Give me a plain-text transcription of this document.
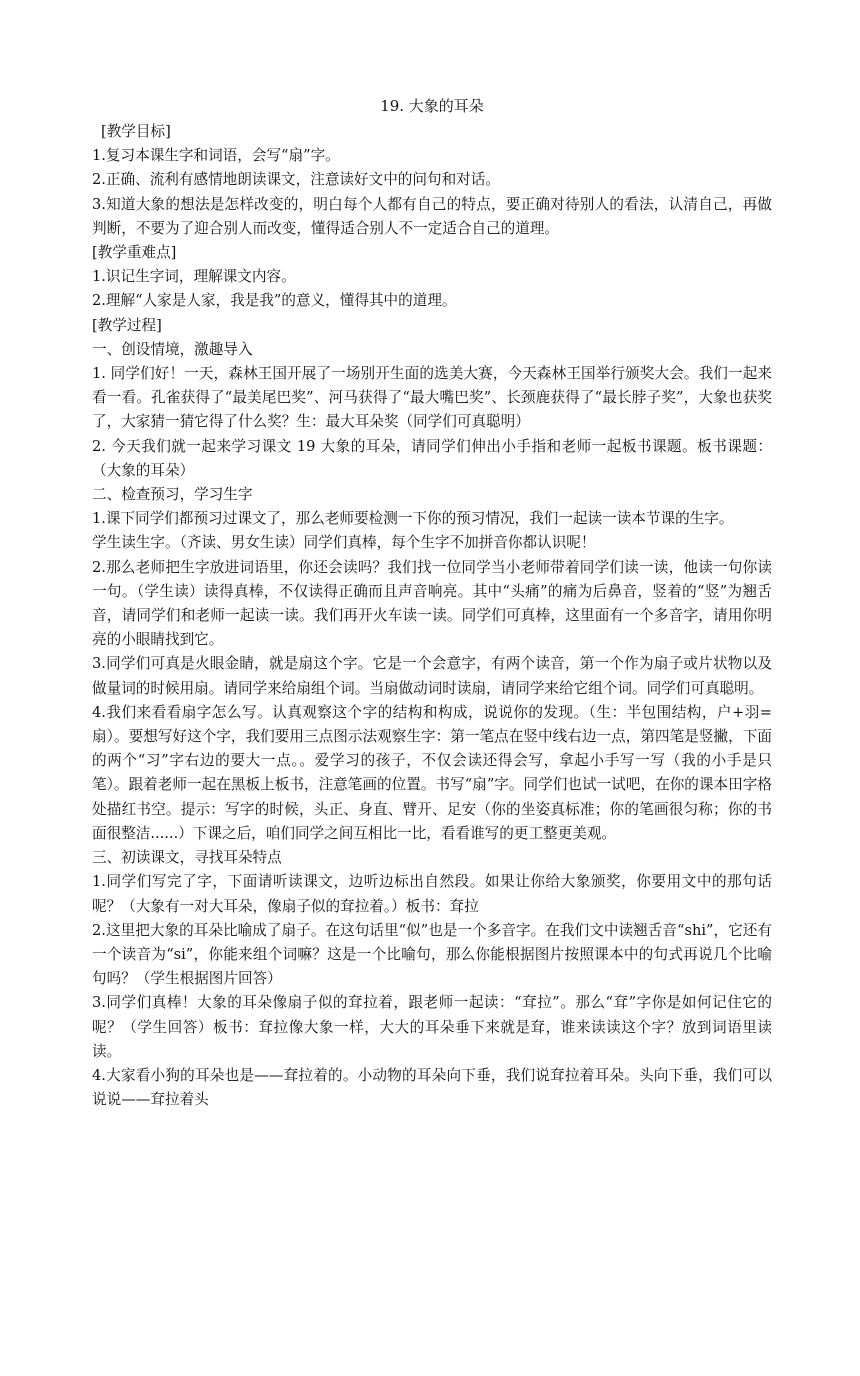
19. 大象的耳朵

[教学目标]

1.复习本课生字和词语，会写“扇”字。

2.正确、流利有感情地朗读课文，注意读好文中的问句和对话。

3.知道大象的想法是怎样改变的，明白每个人都有自己的特点，要正确对待别人的看法，认清自己，再做判断，不要为了迎合别人而改变，懂得适合别人不一定适合自己的道理。

[教学重难点]

1.识记生字词，理解课文内容。

2.理解“人家是人家，我是我”的意义，懂得其中的道理。

[教学过程]

一、创设情境，激趣导入

1. 同学们好！一天，森林王国开展了一场别开生面的选美大赛，今天森林王国举行颁奖大会。我们一起来看一看。孔雀获得了“最美尾巴奖”、河马获得了“最大嘴巴奖”、长颈鹿获得了“最长脖子奖”，大象也获奖了，大家猜一猜它得了什么奖？生：最大耳朵奖（同学们可真聪明）

2. 今天我们就一起来学习课文 19 大象的耳朵，请同学们伸出小手指和老师一起板书课题。板书课题：（大象的耳朵）

二、检查预习，学习生字

1.课下同学们都预习过课文了，那么老师要检测一下你的预习情况，我们一起读一读本节课的生字。

学生读生字。（齐读、男女生读）同学们真棒，每个生字不加拼音你都认识呢！

2.那么老师把生字放进词语里，你还会读吗？我们找一位同学当小老师带着同学们读一读，他读一句你读一句。（学生读）读得真棒，不仅读得正确而且声音响亮。其中“头痛”的痛为后鼻音，竖着的“竖”为翘舌音，请同学们和老师一起读一读。我们再开火车读一读。同学们可真棒，这里面有一个多音字，请用你明亮的小眼睛找到它。

3.同学们可真是火眼金睛，就是扇这个字。它是一个会意字，有两个读音，第一个作为扇子或片状物以及做量词的时候用扇。请同学来给扇组个词。当扇做动词时读扇，请同学来给它组个词。同学们可真聪明。

4.我们来看看扇字怎么写。认真观察这个字的结构和构成，说说你的发现。（生：半包围结构，户+羽=扇）。要想写好这个字，我们要用三点图示法观察生字：第一笔点在竖中线右边一点，第四笔是竖撇，下面的两个“习”字右边的要大一点。。爱学习的孩子，不仅会读还得会写，拿起小手写一写（我的小手是只笔）。跟着老师一起在黑板上板书，注意笔画的位置。书写“扇”字。同学们也试一试吧，在你的课本田字格处描红书空。提示：写字的时候，头正、身直、臂开、足安（你的坐姿真标准；你的笔画很匀称；你的书面很整洁......）下课之后，咱们同学之间互相比一比，看看谁写的更工整更美观。

三、初读课文，寻找耳朵特点

1.同学们写完了字，下面请听读课文，边听边标出自然段。如果让你给大象颁奖，你要用文中的那句话呢？（大象有一对大耳朵，像扇子似的耷拉着。）板书：耷拉

2.这里把大象的耳朵比喻成了扇子。在这句话里“似”也是一个多音字。在我们文中读翘舌音“shi”，它还有一个读音为“si”，你能来组个词嘛？这是一个比喻句，那么你能根据图片按照课本中的句式再说几个比喻句吗？（学生根据图片回答）

3.同学们真棒！大象的耳朵像扇子似的耷拉着，跟老师一起读：“耷拉”。那么“耷”字你是如何记住它的呢？（学生回答）板书：耷拉像大象一样，大大的耳朵垂下来就是耷，谁来读读这个字？放到词语里读读。

4.大家看小狗的耳朵也是——耷拉着的。小动物的耳朵向下垂，我们说耷拉着耳朵。头向下垂，我们可以说说——耷拉着头
